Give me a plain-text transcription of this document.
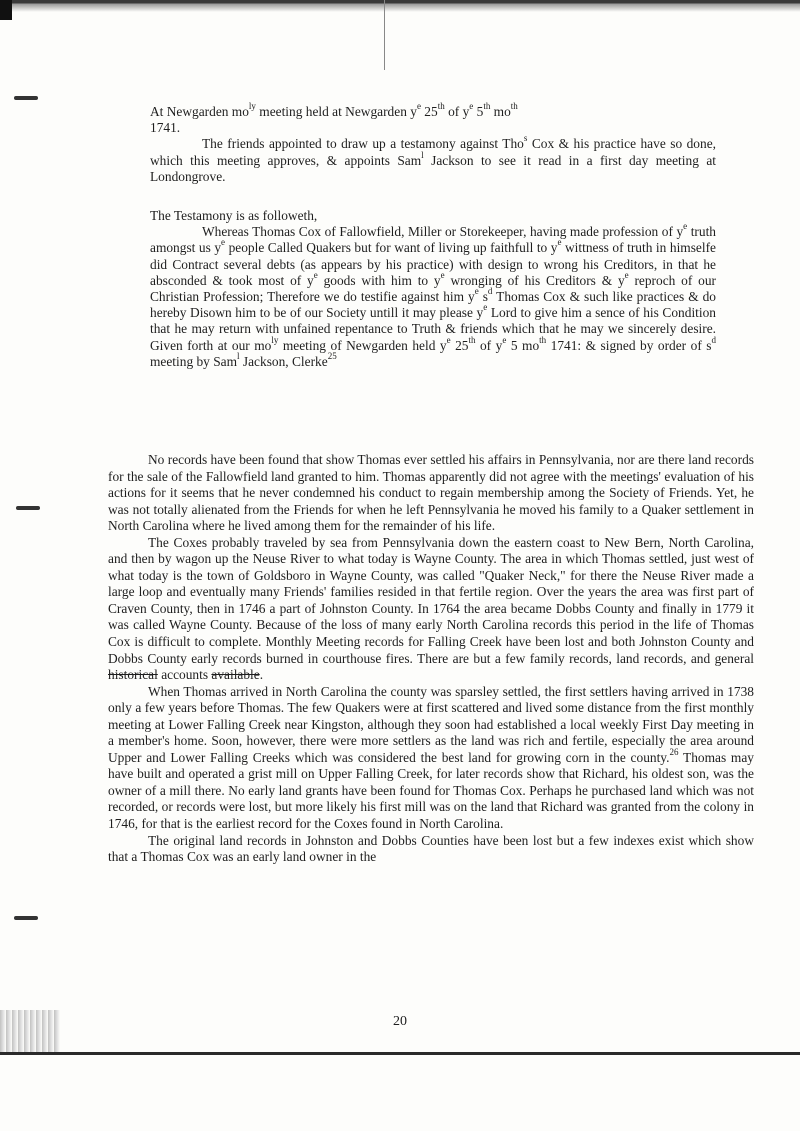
At Newgarden $mo^{ly}$ meeting held at Newgarden $y^e$ 25th of $y^e$ 5th $mo^{th}$
1741.

The friends appointed to draw up a testamony against Tho$^s$ Cox & his practice have so done, which this meeting approves, & appoints Sam$^l$ Jackson to see it read in a first day meeting at Londongrove.

The Testamony is as followeth,

Whereas Thomas Cox of Fallowfield, Miller or Storekeeper, having made profession of $y^e$ truth amongst us $y^e$ people Called Quakers but for want of living up faithfull to $y^e$ wittness of truth in himselfe did Contract several debts (as appears by his practice) with design to wrong his Creditors, in that he absconded & took most of $y^e$ goods with him to $y^e$ wronging of his Creditors & $y^e$ reproch of our Christian Profession; Therefore we do testifie against him $y^e$ $s^d$ Thomas Cox & such like practices & do hereby Disown him to be of our Society untill it may please $y^e$ Lord to give him a sence of his Condition that he may return with unfained repentance to Truth & friends which that he may we sincerely desire. Given forth at our $mo^{ly}$ meeting of Newgarden held $y^e$ 25th of $y^e$ 5 $mo^{th}$ 1741: & signed by order of $s^d$ meeting by Sam$^l$ Jackson, Clerke$^{25}$

No records have been found that show Thomas ever settled his affairs in Pennsylvania, nor are there land records for the sale of the Fallowfield land granted to him. Thomas apparently did not agree with the meetings' evaluation of his actions for it seems that he never condemned his conduct to regain membership among the Society of Friends. Yet, he was not totally alienated from the Friends for when he left Pennsylvania he moved his family to a Quaker settlement in North Carolina where he lived among them for the remainder of his life.

The Coxes probably traveled by sea from Pennsylvania down the eastern coast to New Bern, North Carolina, and then by wagon up the Neuse River to what today is Wayne County. The area in which Thomas settled, just west of what today is the town of Goldsboro in Wayne County, was called "Quaker Neck," for there the Neuse River made a large loop and eventually many Friends' families resided in that fertile region. Over the years the area was first part of Craven County, then in 1746 a part of Johnston County. In 1764 the area became Dobbs County and finally in 1779 it was called Wayne County. Because of the loss of many early North Carolina records this period in the life of Thomas Cox is difficult to complete. Monthly Meeting records for Falling Creek have been lost and both Johnston County and Dobbs County early records burned in courthouse fires. There are but a few family records, land records, and general historical accounts available.

When Thomas arrived in North Carolina the county was sparsley settled, the first settlers having arrived in 1738 only a few years before Thomas. The few Quakers were at first scattered and lived some distance from the first monthly meeting at Lower Falling Creek near Kingston, although they soon had established a local weekly First Day meeting in a member's home. Soon, however, there were more settlers as the land was rich and fertile, especially the area around Upper and Lower Falling Creeks which was considered the best land for growing corn in the county.$^{26}$ Thomas may have built and operated a grist mill on Upper Falling Creek, for later records show that Richard, his oldest son, was the owner of a mill there. No early land grants have been found for Thomas Cox. Perhaps he purchased land which was not recorded, or records were lost, but more likely his first mill was on the land that Richard was granted from the colony in 1746, for that is the earliest record for the Coxes found in North Carolina.

The original land records in Johnston and Dobbs Counties have been lost but a few indexes exist which show that a Thomas Cox was an early land owner in the

20
